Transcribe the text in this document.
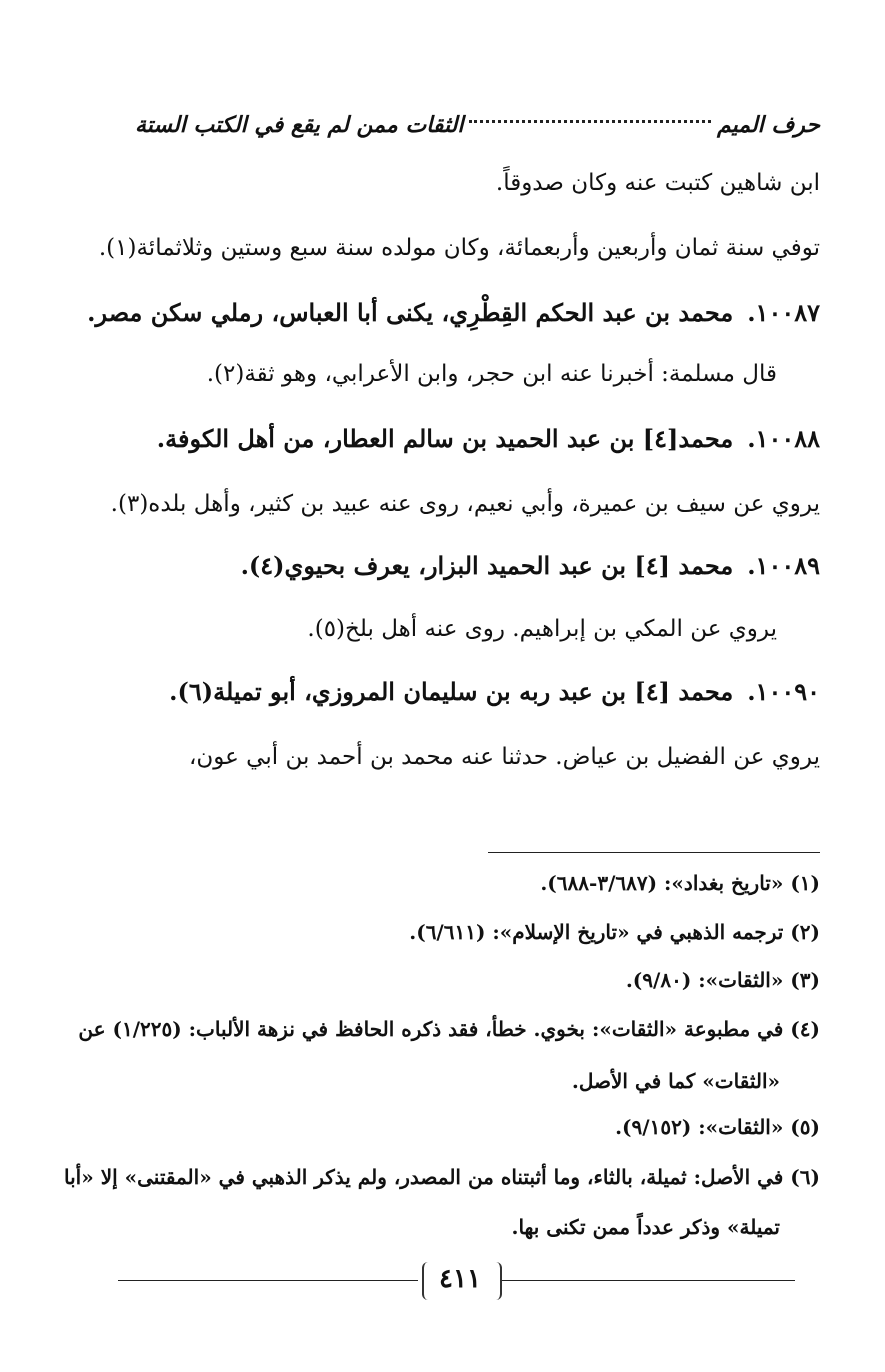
حرف الميم
الثقات ممن لم يقع في الكتب الستة
ابن شاهين كتبت عنه وكان صدوقاً.
توفي سنة ثمان وأربعين وأربعمائة، وكان مولده سنة سبع وستين وثلاثمائة(١).
١٠٠٨٧.محمد بن عبد الحكم القِطْرِي، يكنى أبا العباس، رملي سكن مصر.
قال مسلمة: أخبرنا عنه ابن حجر، وابن الأعرابي، وهو ثقة(٢).
١٠٠٨٨.محمد[٤] بن عبد الحميد بن سالم العطار، من أهل الكوفة.
يروي عن سيف بن عميرة، وأبي نعيم، روى عنه عبيد بن كثير، وأهل بلده(٣).
١٠٠٨٩.محمد [٤] بن عبد الحميد البزار، يعرف بحيوي(٤).
يروي عن المكي بن إبراهيم. روى عنه أهل بلخ(٥).
١٠٠٩٠.محمد [٤] بن عبد ربه بن سليمان المروزي، أبو تميلة(٦).
يروي عن الفضيل بن عياض. حدثنا عنه محمد بن أحمد بن أبي عون،
(١) «تاريخ بغداد»: (٣/٦٨٧-٦٨٨).
(٢) ترجمه الذهبي في «تاريخ الإسلام»: (٦/٦١١).
(٣) «الثقات»: (٩/٨٠).
(٤) في مطبوعة «الثقات»: بخوي. خطأ، فقد ذكره الحافظ في نزهة الألباب: (١/٢٢٥) عن
«الثقات» كما في الأصل.
(٥) «الثقات»: (٩/١٥٢).
(٦) في الأصل: ثميلة، بالثاء، وما أثبتناه من المصدر، ولم يذكر الذهبي في «المقتنى» إلا «أبا
تميلة» وذكر عدداً ممن تكنى بها.
٤١١
